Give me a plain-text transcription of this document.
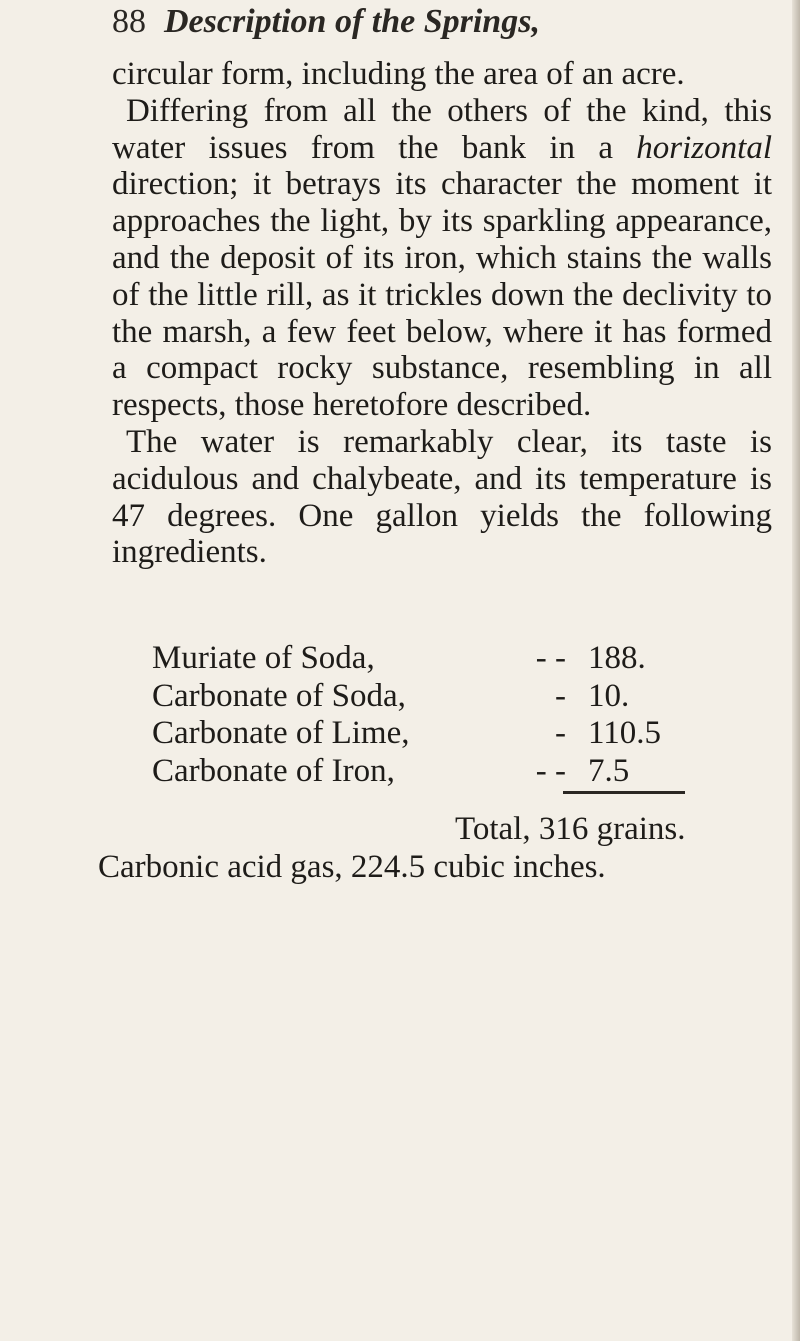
88 Description of the Springs,

circular form, including the area of an acre.

Differing from all the others of the kind, this water issues from the bank in a horizontal direction; it betrays its character the moment it approaches the light, by its sparkling appearance, and the deposit of its iron, which stains the walls of the little rill, as it trickles down the declivity to the marsh, a few feet below, where it has formed a compact rocky substance, resembling in all respects, those heretofore described.

The water is remarkably clear, its taste is acidulous and chalybeate, and its temperature is 47 degrees. One gallon yields the following ingredients.

Muriate of Soda,	- - 188.
Carbonate of Soda,	- 10.
Carbonate of Lime,	- 110.5
Carbonate of Iron,	- - 7.5
Total, 316 grains.
Carbonic acid gas, 224.5 cubic inches.
